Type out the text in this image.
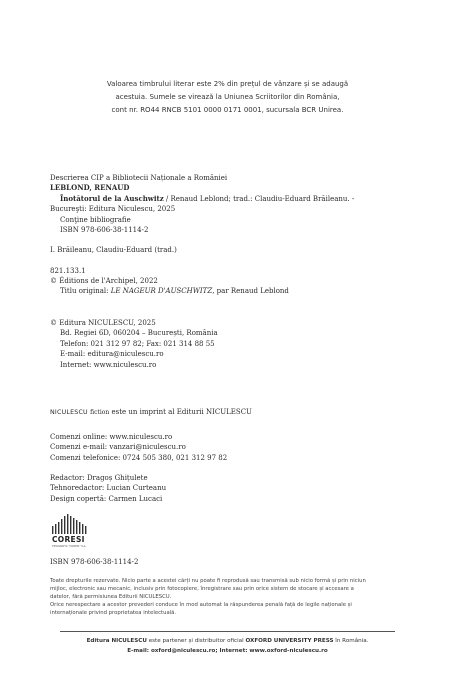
Valoarea timbrului literar este 2% din prețul de vânzare și se adaugă
acestuia. Sumele se virează la Uniunea Scriitorilor din România,
cont nr. RO44 RNCB 5101 0000 0171 0001, sucursala BCR Unirea.
Descrierea CIP a Bibliotecii Naționale a României
LEBLOND, RENAUD
Înotătorul de la Auschwitz / Renaud Leblond; trad.: Claudiu-Eduard Brăileanu. -
Bucureşti: Editura Niculescu, 2025
Conţine bibliografie
ISBN 978-606-38-1114-2
I. Brăileanu, Claudiu-Eduard (trad.)
821.133.1
© Éditions de l'Archipel, 2022
Titlu original: LE NAGEUR D'AUSCHWITZ, par Renaud Leblond
© Editura NICULESCU, 2025
Bd. Regiei 6D, 060204 – București, România
Telefon: 021 312 97 82; Fax: 021 314 88 55
E-mail: editura@niculescu.ro
Internet: www.niculescu.ro
NICULESCU fiction este un imprint al Editurii NICULESCU
Comenzi online: www.niculescu.ro
Comenzi e-mail: vanzari@niculescu.ro
Comenzi telefonice: 0724 505 380, 021 312 97 82
Redactor: Dragoș Ghițulete
Tehnoredactor: Lucian Curteanu
Design copertă: Carmen Lucaci
CORESI
TIPOGRAFIA "CORESI" S.A.
ISBN 978-606-38-1114-2
Toate drepturile rezervate. Nicio parte a acestei cărți nu poate fi reprodusă sau transmisă sub nicio formă și prin niciun
mijloc, electronic sau mecanic, inclusiv prin fotocopiere, înregistrare sau prin orice sistem de stocare și accesare a
datelor, fără permisiunea Editurii NICULESCU.
Orice nerespectare a acestor prevederi conduce în mod automat la răspunderea penală față de legile naționale și
internaționale privind proprietatea intelectuală.
Editura NICULESCU este partener și distribuitor oficial OXFORD UNIVERSITY PRESS în România.
E-mail: oxford@niculescu.ro; Internet: www.oxford-niculescu.ro
